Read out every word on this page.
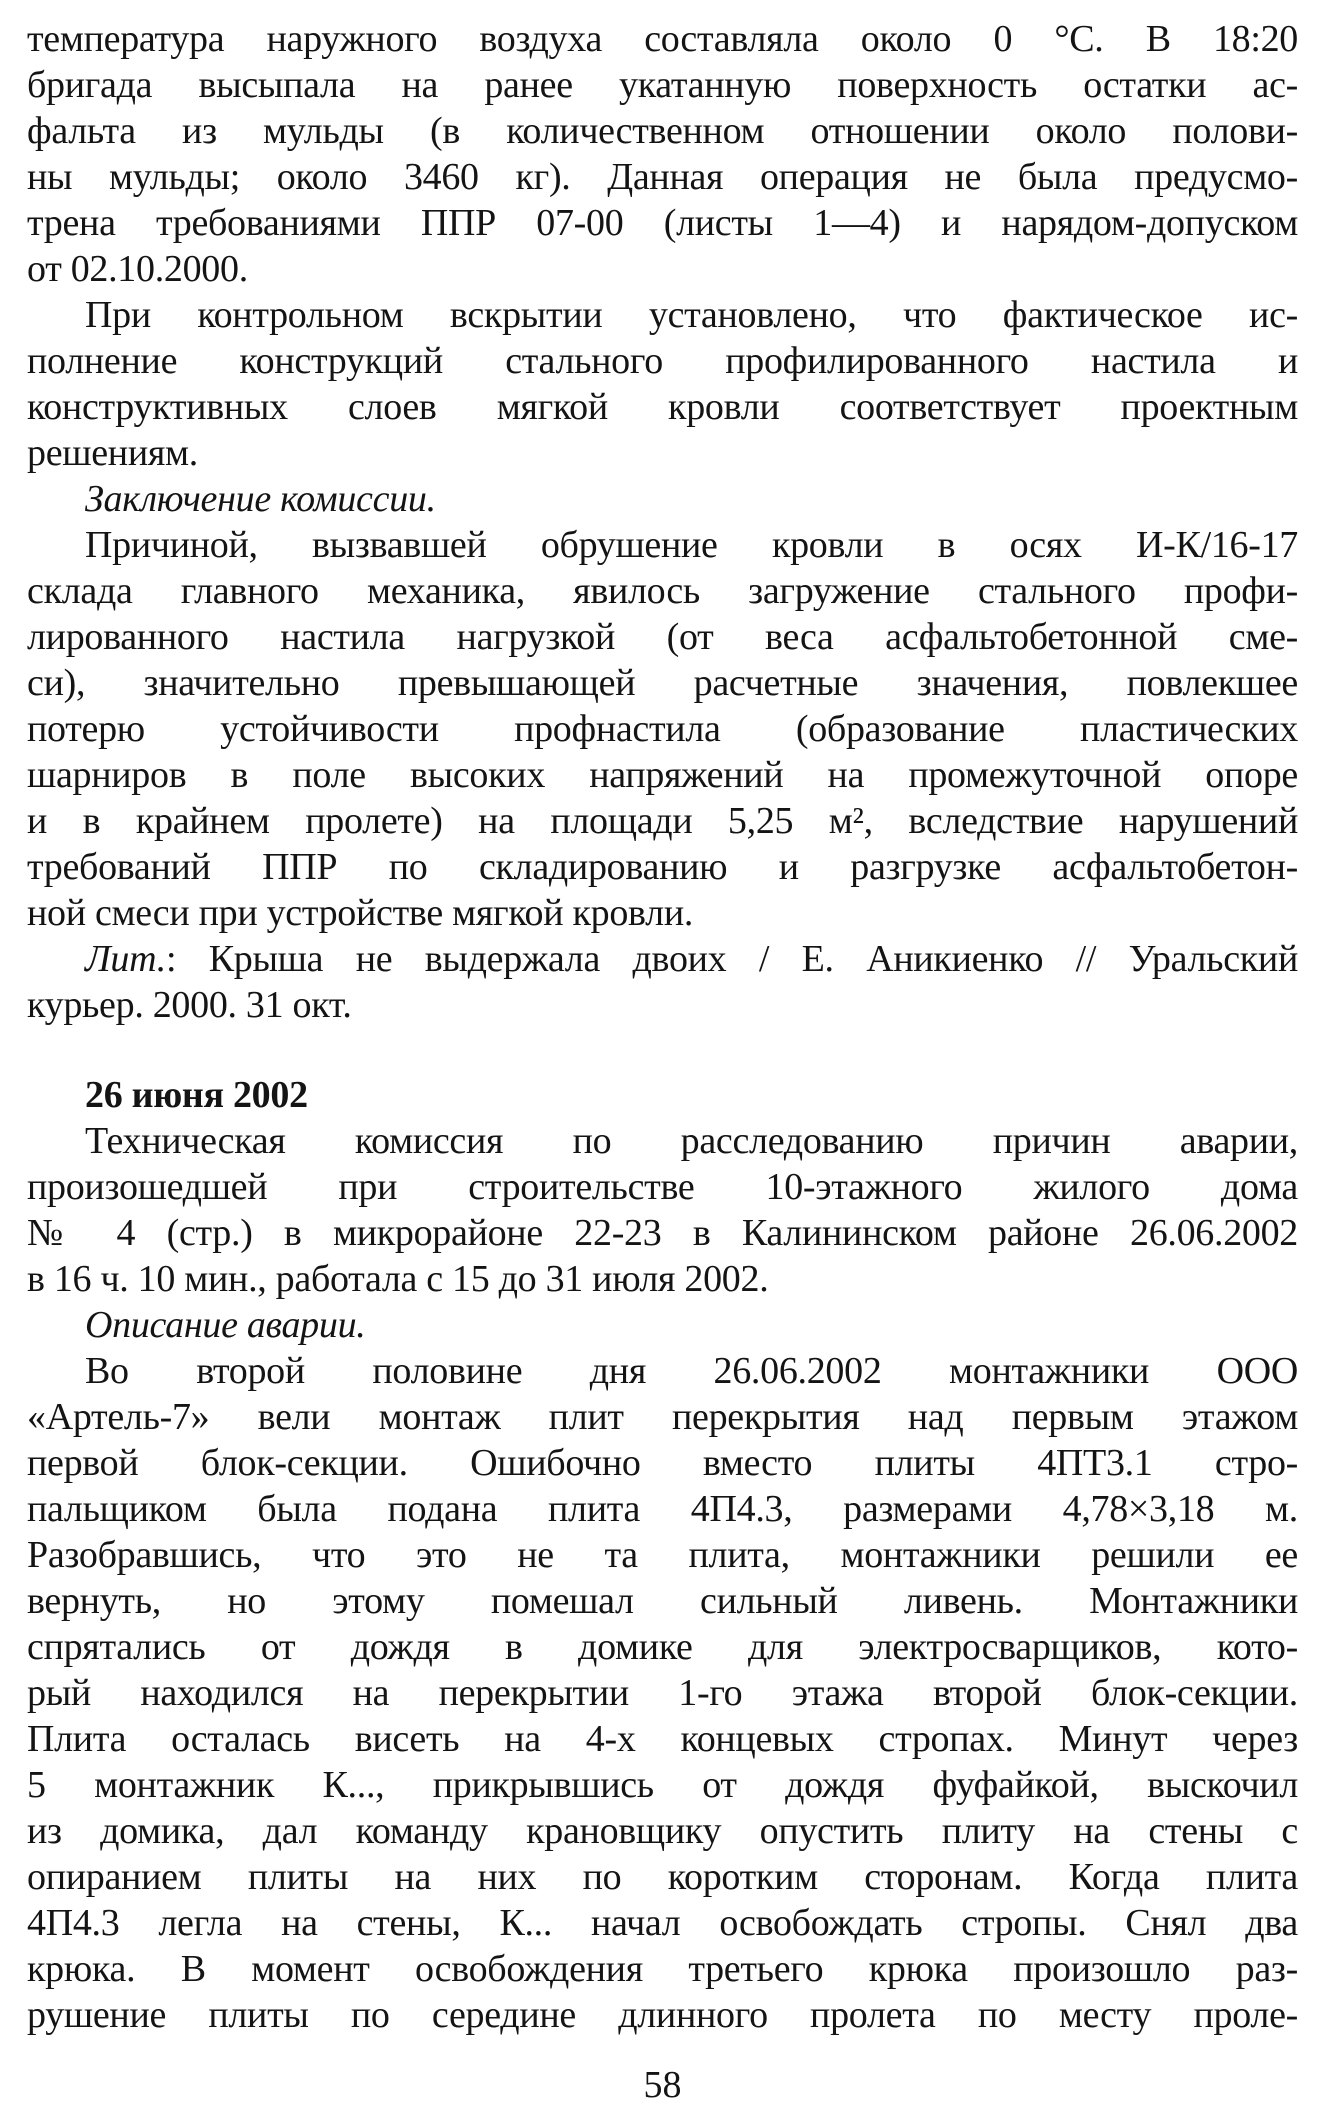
температура наружного воздуха составляла около 0 °С. В 18:20
бригада высыпала на ранее укатанную поверхность остатки ас-
фальта из мульды (в количественном отношении около полови-
ны мульды; около 3460 кг). Данная операция не была предусмо-
трена требованиями ППР 07-00 (листы 1—4) и нарядом-допуском
от 02.10.2000.
При контрольном вскрытии установлено, что фактическое ис-
полнение конструкций стального профилированного настила и
конструктивных слоев мягкой кровли соответствует проектным
решениям.
Заключение комиссии.
Причиной, вызвавшей обрушение кровли в осях И-К/16-17
склада главного механика, явилось загружение стального профи-
лированного настила нагрузкой (от веса асфальтобетонной сме-
си), значительно превышающей расчетные значения, повлекшее
потерю устойчивости профнастила (образование пластических
шарниров в поле высоких напряжений на промежуточной опоре
и в крайнем пролете) на площади 5,25 м², вследствие нарушений
требований ППР по складированию и разгрузке асфальтобетон-
ной смеси при устройстве мягкой кровли.
Лит.: Крыша не выдержала двоих / Е. Аникиенко // Уральский
курьер. 2000. 31 окт.
26 июня 2002
Техническая комиссия по расследованию причин аварии,
произошедшей при строительстве 10-этажного жилого дома
№ 4 (стр.) в микрорайоне 22-23 в Калининском районе 26.06.2002
в 16 ч. 10 мин., работала с 15 до 31 июля 2002.
Описание аварии.
Во второй половине дня 26.06.2002 монтажники ООО
«Артель-7» вели монтаж плит перекрытия над первым этажом
первой блок-секции. Ошибочно вместо плиты 4ПТ3.1 стро-
пальщиком была подана плита 4П4.3, размерами 4,78×3,18 м.
Разобравшись, что это не та плита, монтажники решили ее
вернуть, но этому помешал сильный ливень. Монтажники
спрятались от дождя в домике для электросварщиков, кото-
рый находился на перекрытии 1-го этажа второй блок-секции.
Плита осталась висеть на 4-х концевых стропах. Минут через
5 монтажник К..., прикрывшись от дождя фуфайкой, выскочил
из домика, дал команду крановщику опустить плиту на стены с
опиранием плиты на них по коротким сторонам. Когда плита
4П4.3 легла на стены, К... начал освобождать стропы. Снял два
крюка. В момент освобождения третьего крюка произошло раз-
рушение плиты по середине длинного пролета по месту проле-
58
